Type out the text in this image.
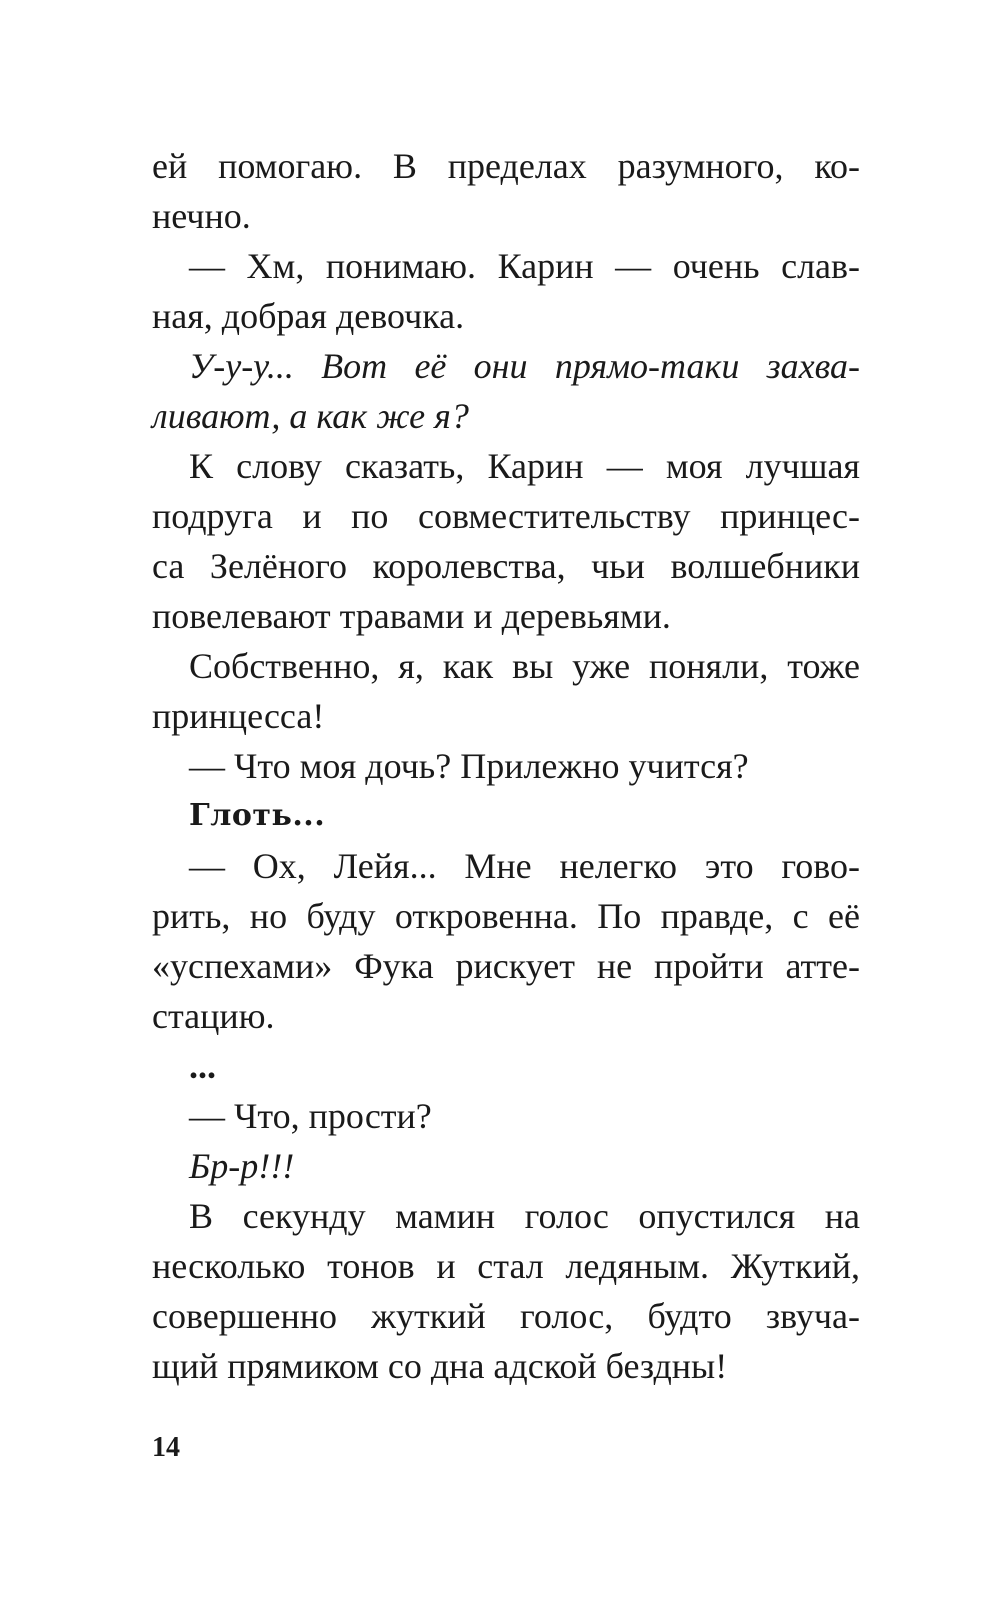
ей помогаю. В пределах разумного, ко-
нечно.
— Хм, понимаю. Карин — очень слав-
ная, добрая девочка.
У-у-у... Вот её они прямо-таки захва-
ливают, а как же я?
К слову сказать, Карин — моя лучшая
подруга и по совместительству принцес-
са Зелёного королевства, чьи волшебники
повелевают травами и деревьями.
Собственно, я, как вы уже поняли, тоже
принцесса!
— Что моя дочь? Прилежно учится?
Глоть...
— Ох, Лейя... Мне нелегко это гово-
рить, но буду откровенна. По правде, с её
«успехами» Фука рискует не пройти атте-
стацию.
...
— Что, прости?
Бр-р!!!
В секунду мамин голос опустился на
несколько тонов и стал ледяным. Жуткий,
совершенно жуткий голос, будто звуча-
щий прямиком со дна адской бездны!
14
